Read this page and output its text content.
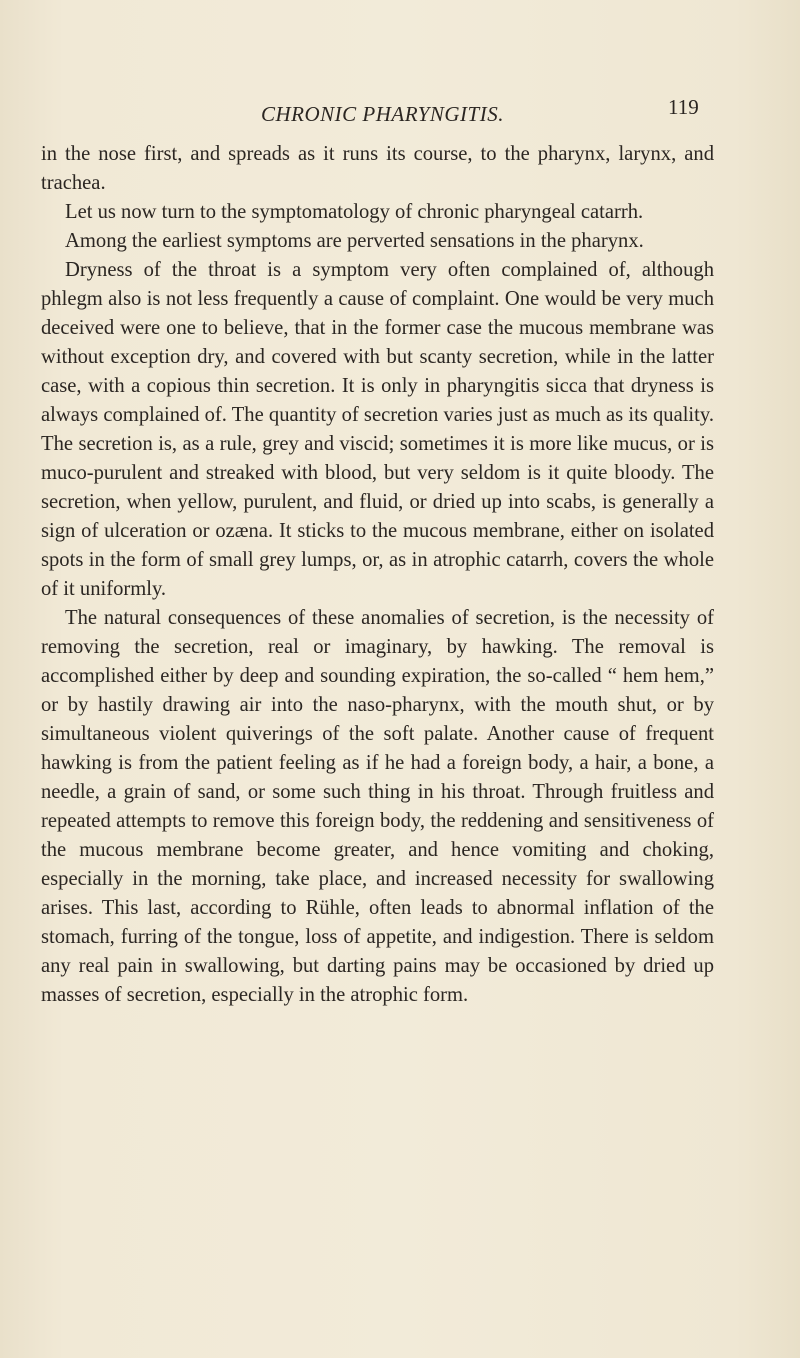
CHRONIC PHARYNGITIS.	119

in the nose first, and spreads as it runs its course, to the pharynx, larynx, and trachea.

Let us now turn to the symptomatology of chronic pharyngeal catarrh.

Among the earliest symptoms are perverted sensations in the pharynx.

Dryness of the throat is a symptom very often complained of, although phlegm also is not less frequently a cause of complaint. One would be very much deceived were one to believe, that in the former case the mucous membrane was without exception dry, and covered with but scanty secretion, while in the latter case, with a copious thin secretion. It is only in pharyngitis sicca that dryness is always complained of. The quantity of secretion varies just as much as its quality. The secretion is, as a rule, grey and viscid; sometimes it is more like mucus, or is muco-purulent and streaked with blood, but very seldom is it quite bloody. The secretion, when yellow, purulent, and fluid, or dried up into scabs, is generally a sign of ulceration or ozæna. It sticks to the mucous membrane, either on isolated spots in the form of small grey lumps, or, as in atrophic catarrh, covers the whole of it uniformly.

The natural consequences of these anomalies of secretion, is the necessity of removing the secretion, real or imaginary, by hawking. The removal is accomplished either by deep and sounding expiration, the so-called “ hem hem,” or by hastily drawing air into the naso-pharynx, with the mouth shut, or by simultaneous violent quiverings of the soft palate. Another cause of frequent hawking is from the patient feeling as if he had a foreign body, a hair, a bone, a needle, a grain of sand, or some such thing in his throat. Through fruitless and repeated attempts to remove this foreign body, the reddening and sensitiveness of the mucous membrane become greater, and hence vomiting and choking, especially in the morning, take place, and increased necessity for swallowing arises. This last, according to Rühle, often leads to abnormal inflation of the stomach, furring of the tongue, loss of appetite, and indigestion. There is seldom any real pain in swallowing, but darting pains may be occasioned by dried up masses of secretion, especially in the atrophic form.
